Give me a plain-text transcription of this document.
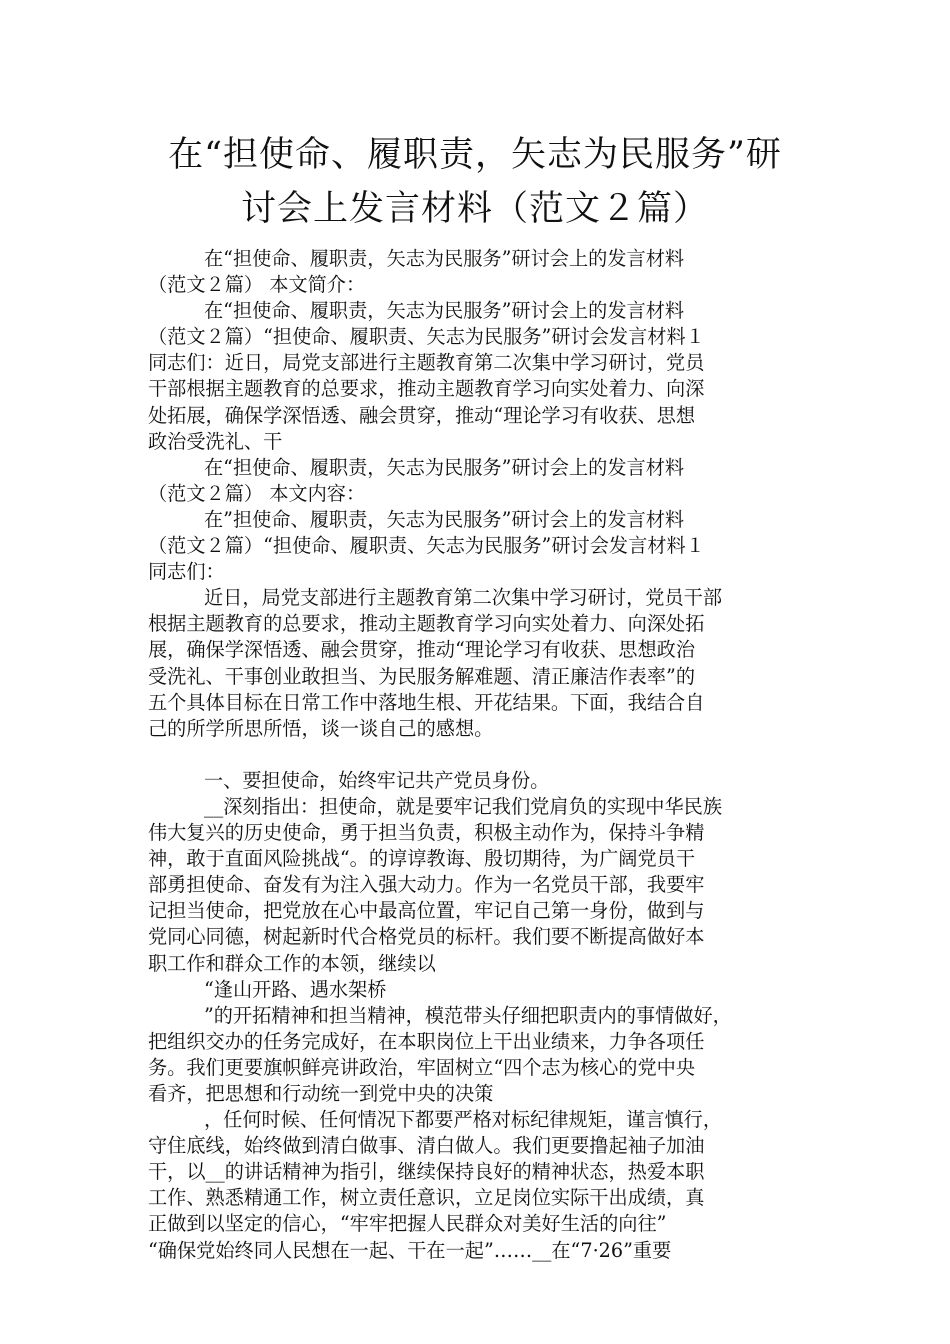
在“担使命、履职责，矢志为民服务”研
讨会上发言材料（范文２篇）
在“担使命、履职责，矢志为民服务”研讨会上的发言材料
（范文２篇） 本文简介：
在“担使命、履职责，矢志为民服务”研讨会上的发言材料
（范文２篇）“担使命、履职责、矢志为民服务”研讨会发言材料１
同志们：近日，局党支部进行主题教育第二次集中学习研讨，党员
干部根据主题教育的总要求，推动主题教育学习向实处着力、向深
处拓展，确保学深悟透、融会贯穿，推动“理论学习有收获、思想
政治受洗礼、干
在“担使命、履职责，矢志为民服务”研讨会上的发言材料
（范文２篇） 本文内容：
在”担使命、履职责，矢志为民服务”研讨会上的发言材料
（范文２篇）“担使命、履职责、矢志为民服务”研讨会发言材料１
同志们：
近日，局党支部进行主题教育第二次集中学习研讨，党员干部
根据主题教育的总要求，推动主题教育学习向实处着力、向深处拓
展，确保学深悟透、融会贯穿，推动“理论学习有收获、思想政治
受洗礼、干事创业敢担当、为民服务解难题、清正廉洁作表率”的
五个具体目标在日常工作中落地生根、开花结果。下面，我结合自
己的所学所思所悟，谈一谈自己的感想。
一、要担使命，始终牢记共产党员身份。
__深刻指出：担使命，就是要牢记我们党肩负的实现中华民族
伟大复兴的历史使命，勇于担当负责，积极主动作为，保持斗争精
神，敢于直面风险挑战“。的谆谆教诲、殷切期待，为广阔党员干
部勇担使命、奋发有为注入强大动力。作为一名党员干部，我要牢
记担当使命，把党放在心中最高位置，牢记自己第一身份，做到与
党同心同德，树起新时代合格党员的标杆。我们要不断提高做好本
职工作和群众工作的本领，继续以
“逢山开路、遇水架桥
”的开拓精神和担当精神，模范带头仔细把职责内的事情做好，
把组织交办的任务完成好，在本职岗位上干出业绩来，力争各项任
务。我们更要旗帜鲜亮讲政治，牢固树立“四个志为核心的党中央
看齐，把思想和行动统一到党中央的决策
，任何时候、任何情况下都要严格对标纪律规矩，谨言慎行，
守住底线，始终做到清白做事、清白做人。我们更要撸起袖子加油
干，以__的讲话精神为指引，继续保持良好的精神状态，热爱本职
工作、熟悉精通工作，树立责任意识，立足岗位实际干出成绩，真
正做到以坚定的信心，“牢牢把握人民群众对美好生活的向往”
“确保党始终同人民想在一起、干在一起”……__在“7·26”重要
